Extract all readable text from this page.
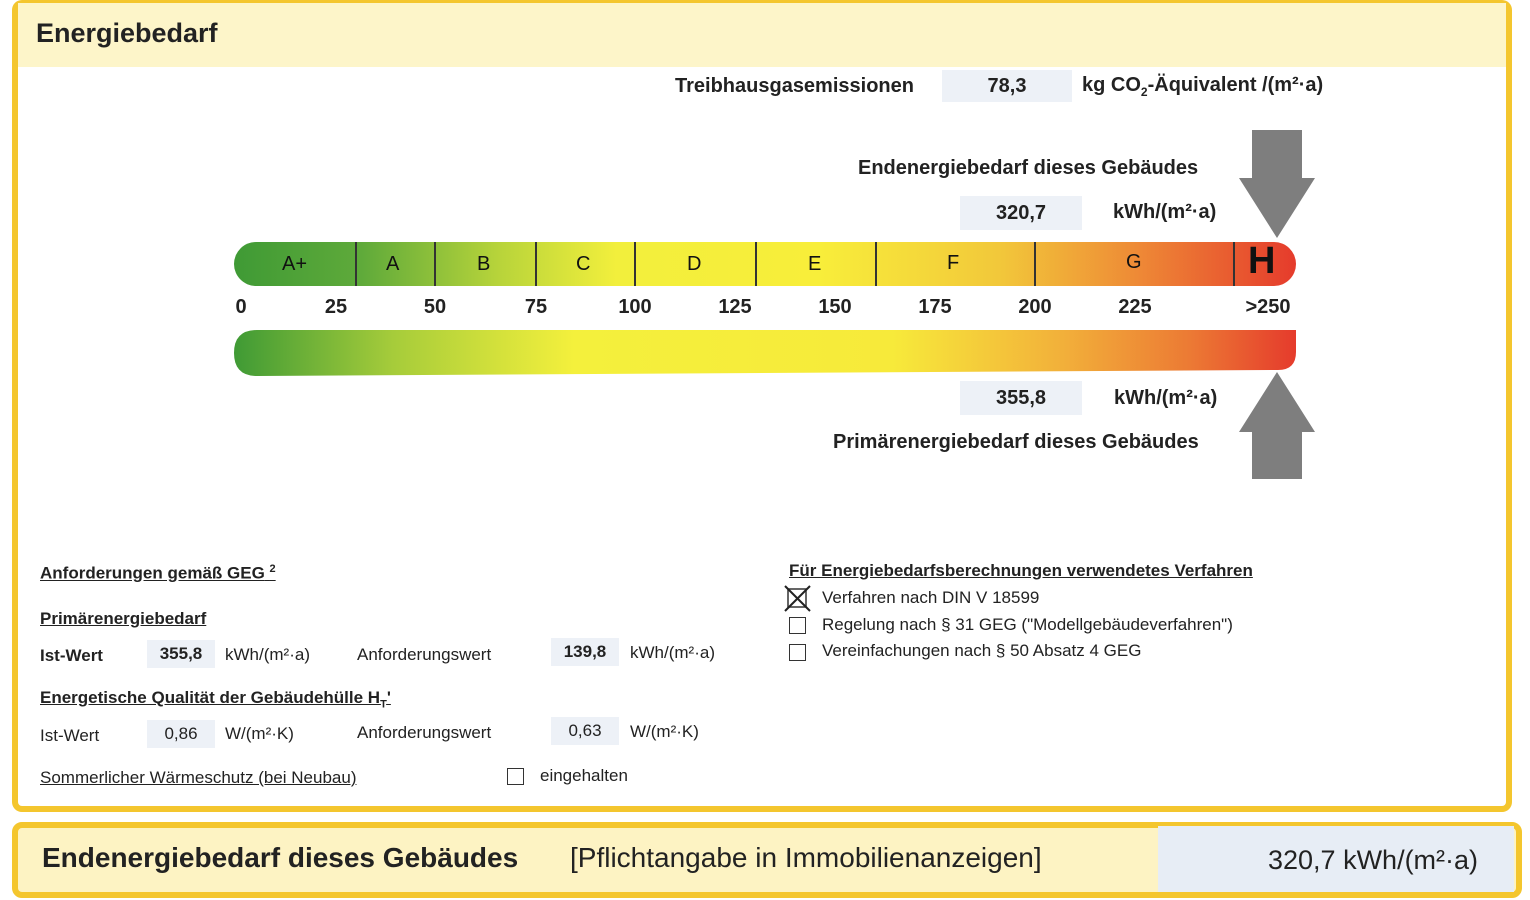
Energiebedarf
Treibhausgasemissionen	78,3	kg $CO_2$-Äquivalent /(m²·a)
Endenergiebedarf dieses Gebäudes
320,7	kWh/(m²·a)
A+	A	B	C	D	E	F	G	H
0	25	50	75	100	125	150	175	200	225	>250
355,8	kWh/(m²·a)
Primärenergiebedarf dieses Gebäudes
Anforderungen gemäß GEG $^2$
Primärenergiebedarf
Ist-Wert	355,8	kWh/(m²·a)	Anforderungswert	139,8	kWh/(m²·a)
Energetische Qualität der Gebäudehülle $H_T'$
Ist-Wert	0,86	W/(m²·K)	Anforderungswert	0,63	W/(m²·K)
Sommerlicher Wärmeschutz (bei Neubau)	eingehalten
Für Energiebedarfsberechnungen verwendetes Verfahren
Verfahren nach DIN V 18599
Regelung nach § 31 GEG ("Modellgebäudeverfahren")
Vereinfachungen nach § 50 Absatz 4 GEG
Endenergiebedarf dieses Gebäudes [Pflichtangabe in Immobilienanzeigen]	320,7 kWh/(m²·a)
